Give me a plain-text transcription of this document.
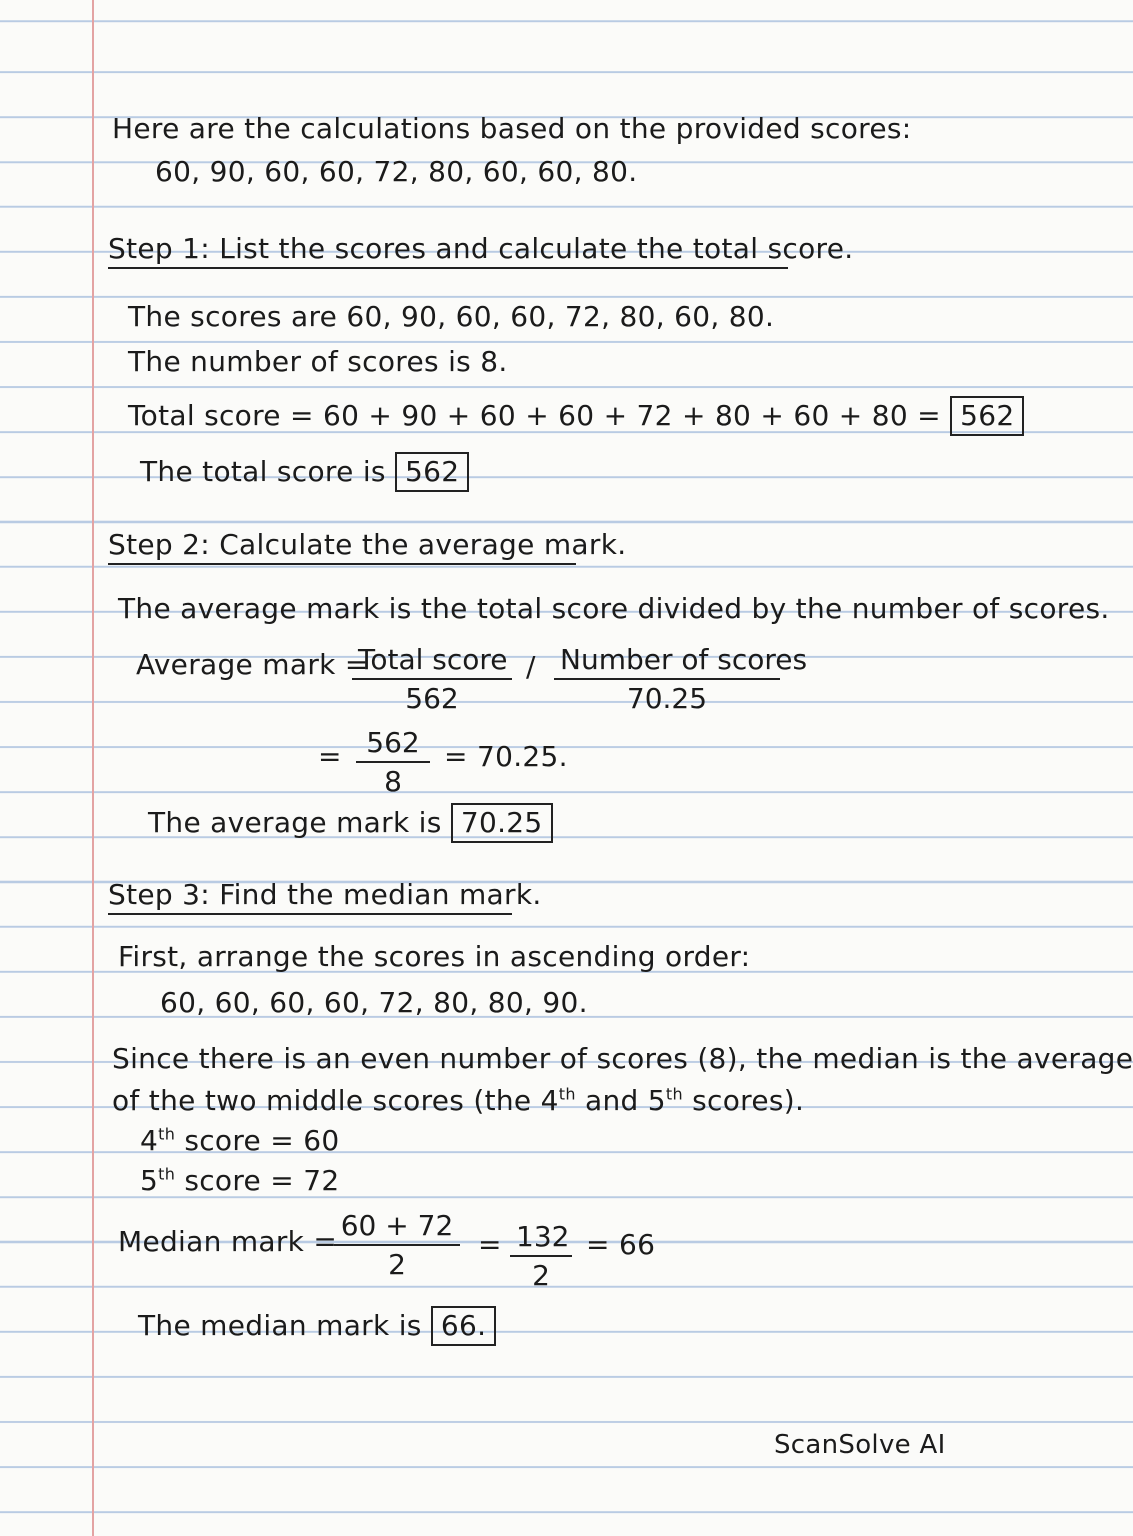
Here are the calculations based on the provided scores:
60, 90, 60, 60, 72, 80, 60, 60, 80.
Step 1: List the scores and calculate the total score.
The scores are 60, 90, 60, 60, 72, 80, 60, 80.
The number of scores is 8.
Total score = 60 + 90 + 60 + 60 + 72 + 80 + 60 + 80 = 562
The total score is 562
Step 2: Calculate the average mark.
The average mark is the total score divided by the number of scores.
Average mark =
Total score
562
/ Number of scores
70.25
= $\frac{562}{8} = 70.25$.
The average mark is 70.25
Step 3: Find the median mark.
First, arrange the scores in ascending order:
60, 60, 60, 60, 72, 80, 80, 90.
Since there is an even number of scores (8), the median is the average
of the two middle scores (the 4th and 5th scores).
4th score = 60
5th score = 72
Median mark =
$\frac{60 + 72}{2} = \frac{132}{2} = 66$
The median mark is 66.
ScanSolve AI
